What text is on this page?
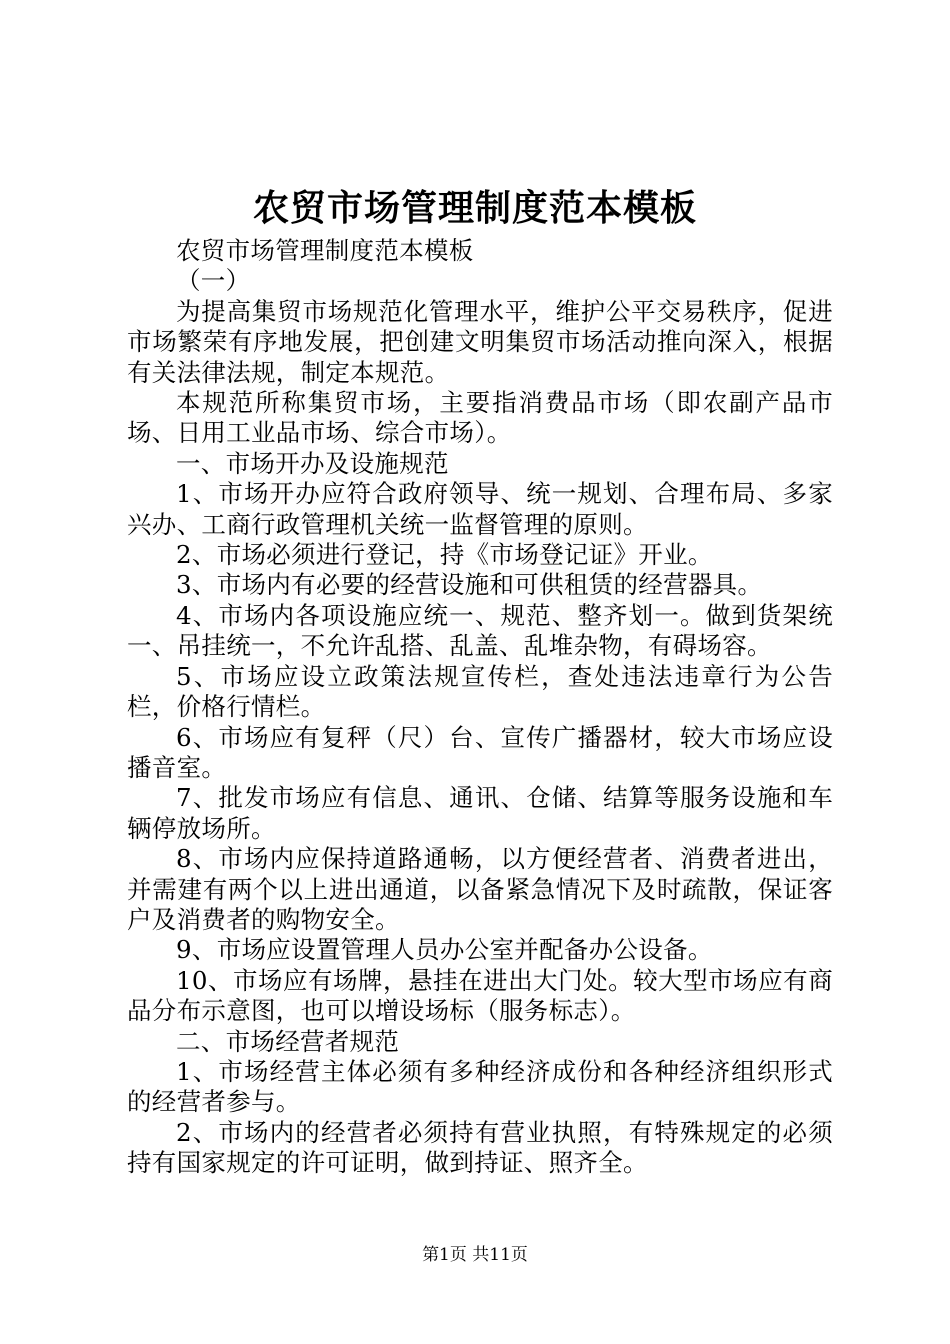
农贸市场管理制度范本模板

农贸市场管理制度范本模板

（一）

为提高集贸市场规范化管理水平，维护公平交易秩序，促进市场繁荣有序地发展，把创建文明集贸市场活动推向深入，根据有关法律法规，制定本规范。

本规范所称集贸市场，主要指消费品市场（即农副产品市场、日用工业品市场、综合市场）。

一、市场开办及设施规范

1、市场开办应符合政府领导、统一规划、合理布局、多家兴办、工商行政管理机关统一监督管理的原则。

2、市场必须进行登记，持《市场登记证》开业。

3、市场内有必要的经营设施和可供租赁的经营器具。

4、市场内各项设施应统一、规范、整齐划一。做到货架统一、吊挂统一，不允许乱搭、乱盖、乱堆杂物，有碍场容。

5、市场应设立政策法规宣传栏，查处违法违章行为公告栏，价格行情栏。

6、市场应有复秤（尺）台、宣传广播器材，较大市场应设播音室。

7、批发市场应有信息、通讯、仓储、结算等服务设施和车辆停放场所。

8、市场内应保持道路通畅，以方便经营者、消费者进出，并需建有两个以上进出通道，以备紧急情况下及时疏散，保证客户及消费者的购物安全。

9、市场应设置管理人员办公室并配备办公设备。

10、市场应有场牌，悬挂在进出大门处。较大型市场应有商品分布示意图，也可以增设场标（服务标志）。

二、市场经营者规范

1、市场经营主体必须有多种经济成份和各种经济组织形式的经营者参与。

2、市场内的经营者必须持有营业执照，有特殊规定的必须持有国家规定的许可证明，做到持证、照齐全。

第1页 共11页
